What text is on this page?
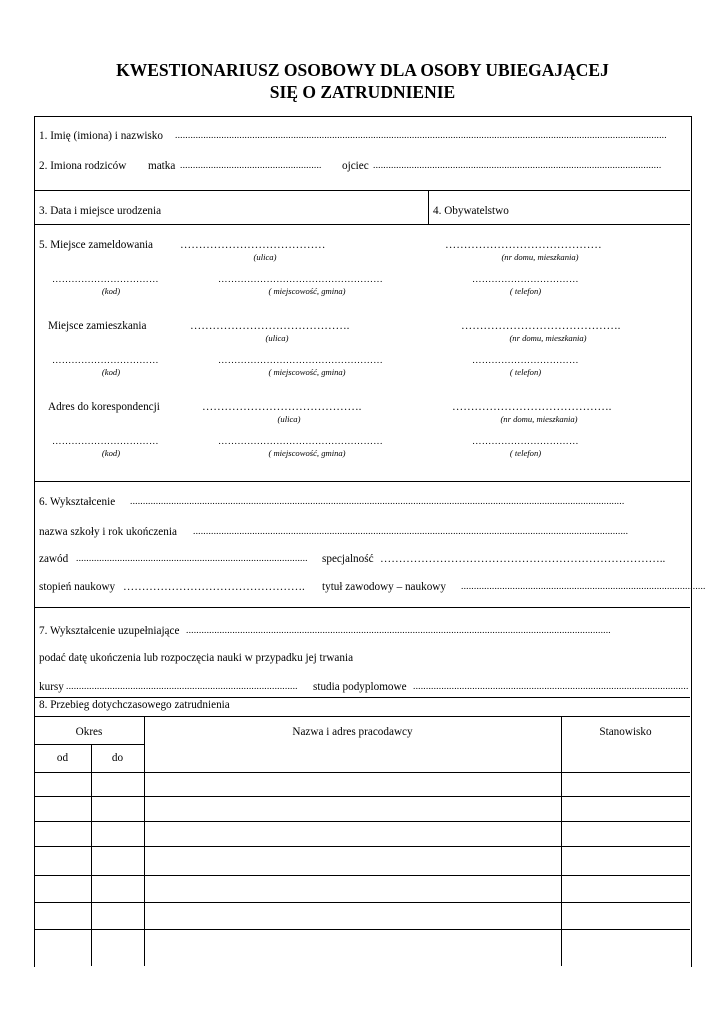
KWESTIONARIUSZ OSOBOWY DLA OSOBY UBIEGAJĄCEJ
SIĘ O ZATRUDNIENIE
1. Imię (imiona) i nazwisko ...............................................................................................................................................................................................
2. Imiona rodziców matka .......................................................	ojciec ................................................................................................................
3. Data i miejsce urodzenia	4. Obywatelstwo
5. Miejsce zameldowania …………………………………	……………………………………
(ulica)	(nr domu, mieszkania)
……………………………	……………………………………………	……………………………
(kod)	( miejscowość, gmina)	( telefon)
Miejsce zamieszkania	…………………………………….	…………………………………….
(ulica)	(nr domu, mieszkania)
……………………………	……………………………………………	……………………………
(kod)	( miejscowość, gmina)	( telefon)
Adres do korespondencji	…………………………………….	…………………………………….
(ulica)	(nr domu, mieszkania)
……………………………	……………………………………………	……………………………
(kod)	( miejscowość, gmina)	( telefon)
6. Wykształcenie ................................................................................................................................................................................................
nazwa szkoły i rok ukończenia .........................................................................................................................................................................
zawód .......................................................................................... specjalność …………………………………………………………………..
stopień naukowy ………………………………………….	tytuł zawodowy – naukowy ...............................................................................................
7. Wykształcenie uzupełniające .....................................................................................................................................................................
podać datę ukończenia lub rozpoczęcia nauki w przypadku jej trwania
kursy ..........................................................................................	studia podyplomowe ...........................................................................................................
8. Przebieg dotychczasowego zatrudnienia
Okres	Nazwa i adres pracodawcy	Stanowisko
od	do
